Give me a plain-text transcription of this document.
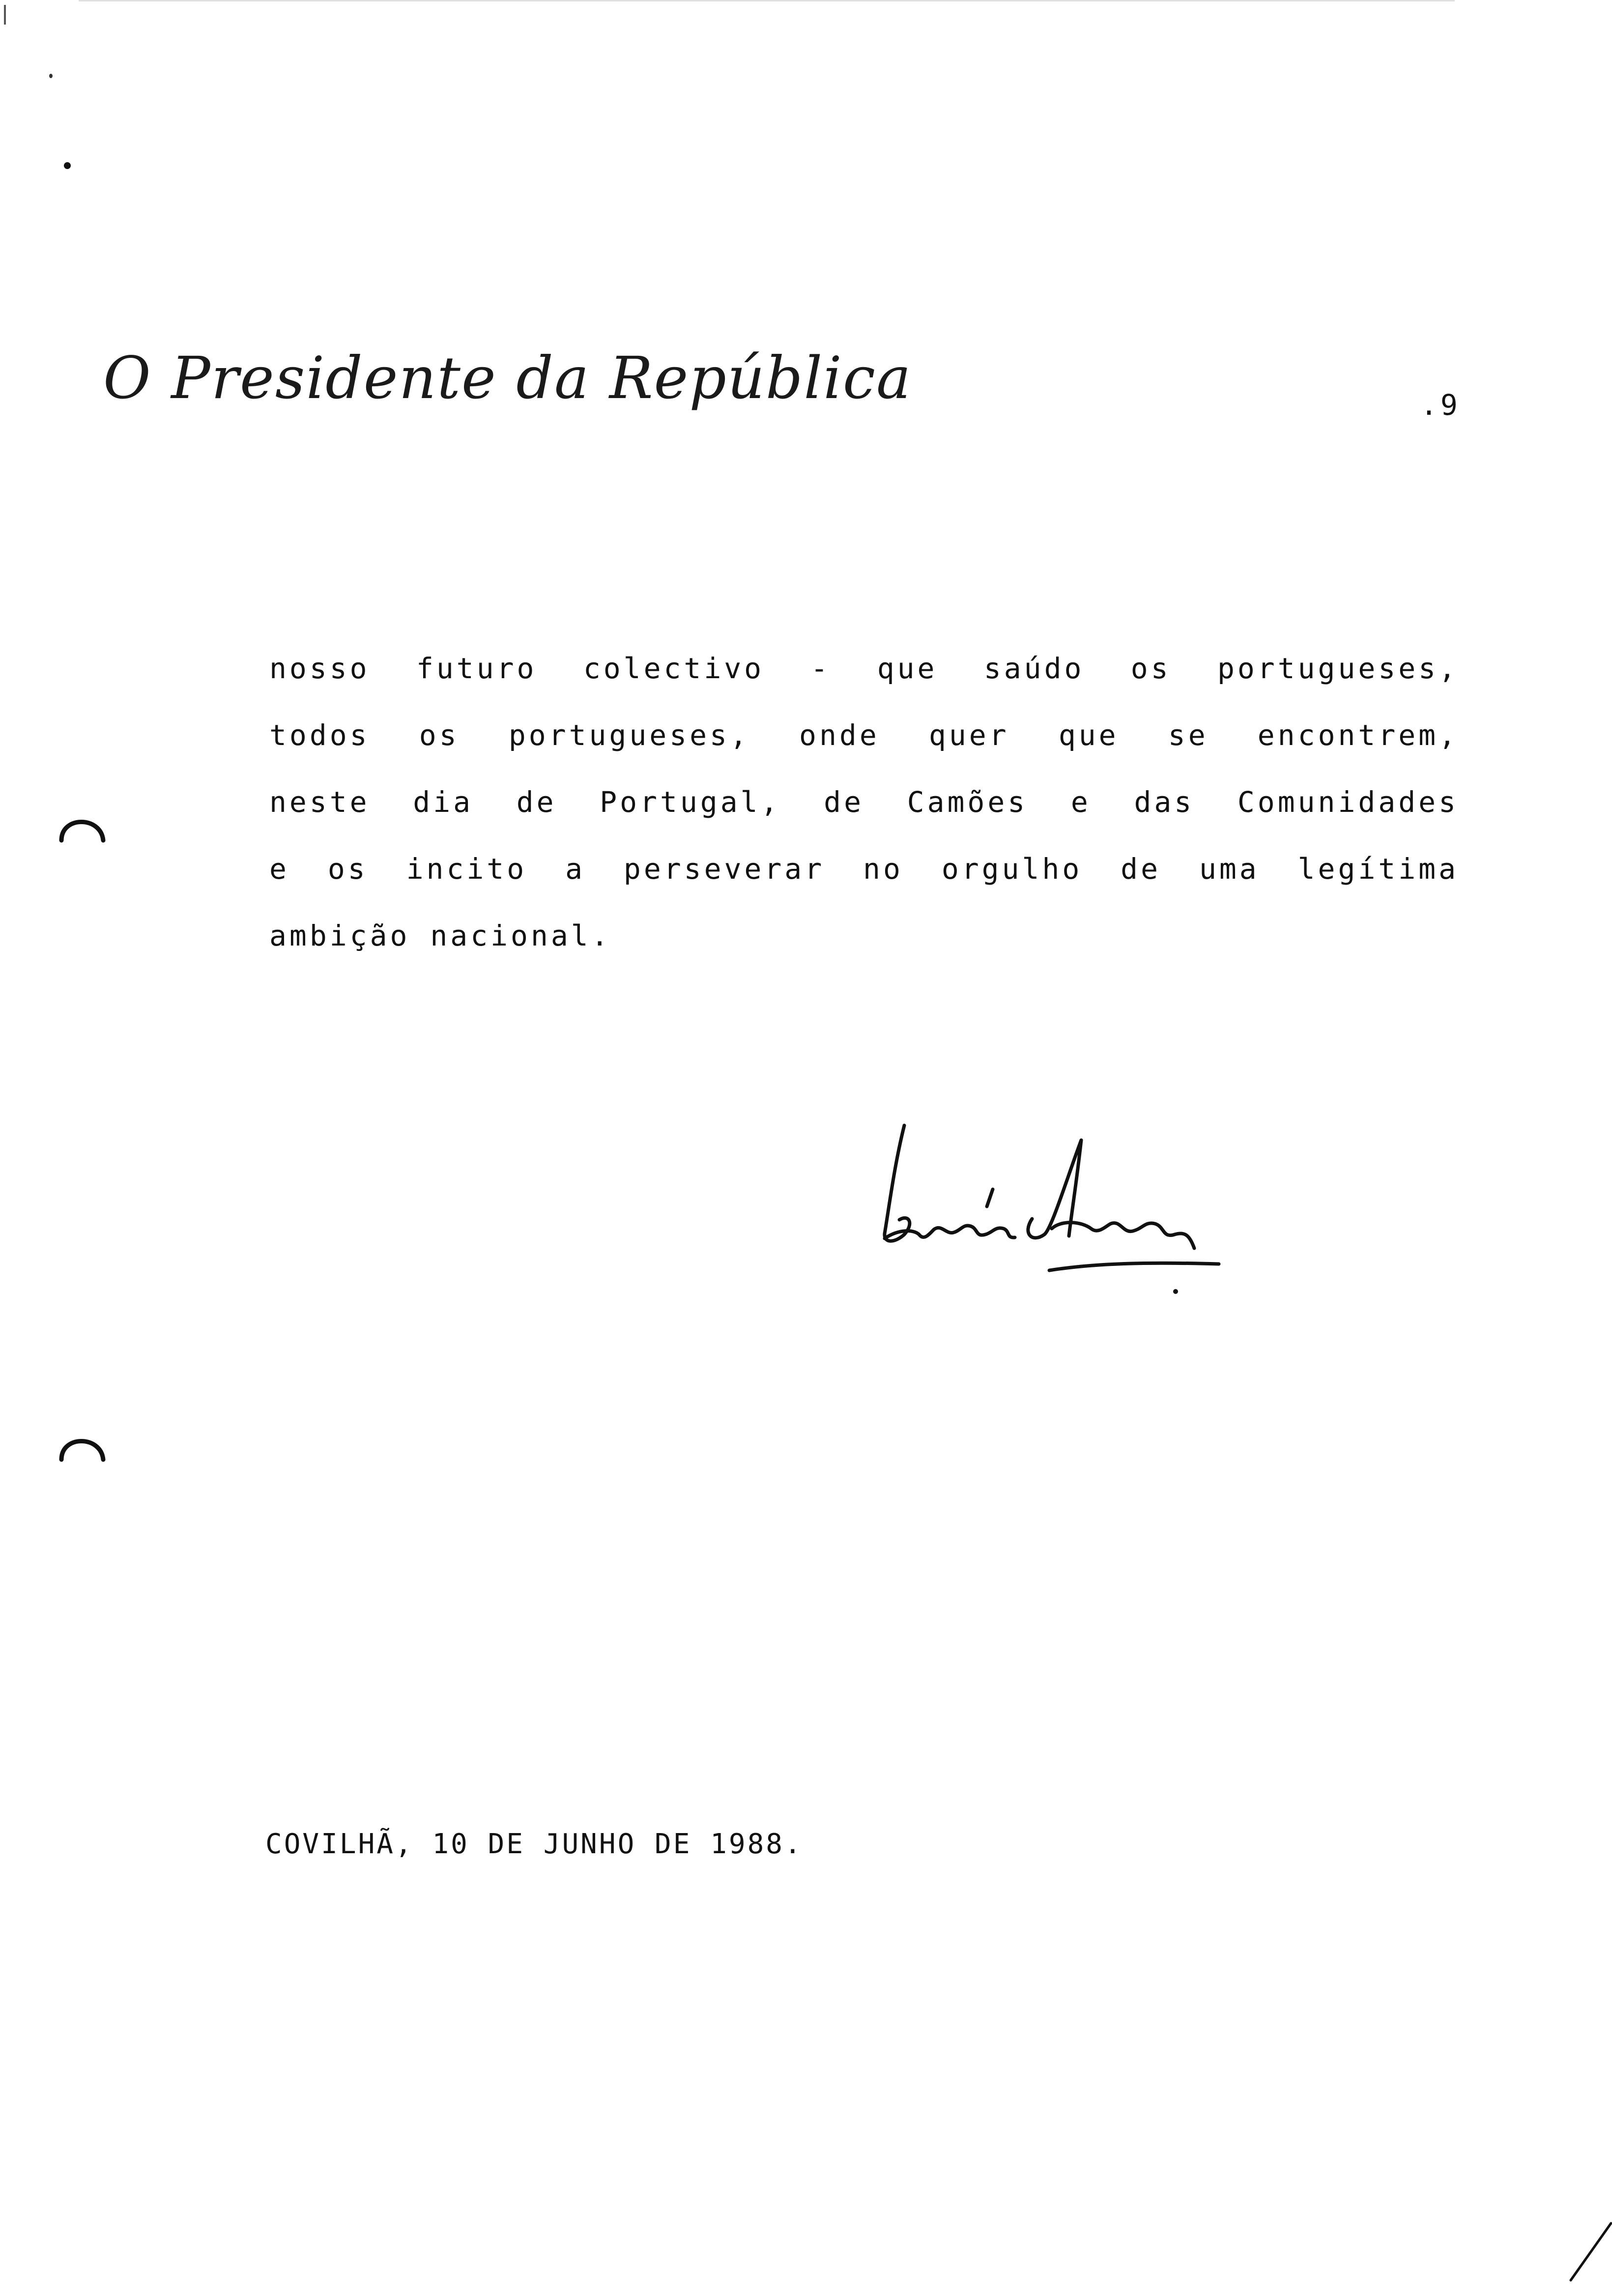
O Presidente da República	.9
nosso futuro colectivo - que saúdo os portugueses,
todos os portugueses, onde quer que se encontrem,
neste dia de Portugal, de Camões e das Comunidades
e os incito a perseverar no orgulho de uma legítima
ambição nacional.
COVILHÃ, 10 DE JUNHO DE 1988.
